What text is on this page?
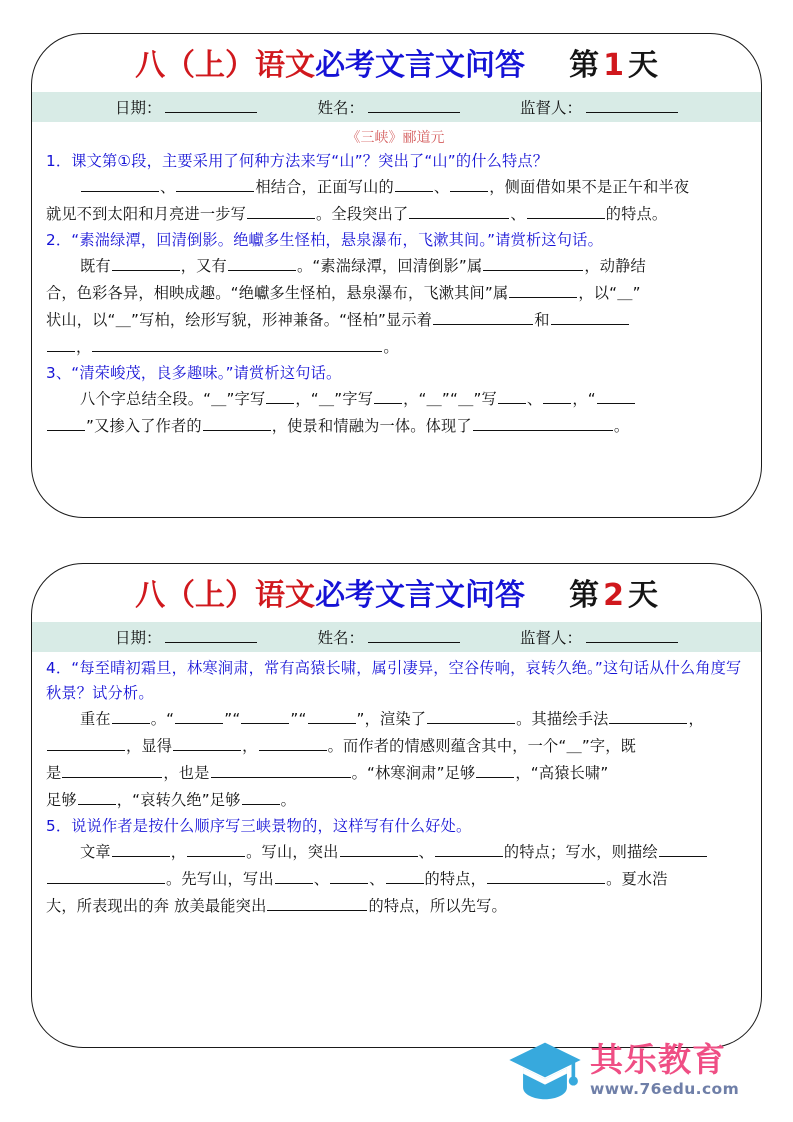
八（上）语文必考文言文问答 第 1 天
日期：	姓名：	监督人：
《三峡》郦道元
1．课文第①段，主要采用了何种方法来写“山”？突出了“山”的什么特点？
、	相结合，正面写山的	、	，侧面借如果不是正午和半夜
就见不到太阳和月亮进一步写	。全段突出了	、	的特点。
2．“素湍绿潭，回清倒影。绝巘多生怪柏，悬泉瀑布，飞漱其间。”请赏析这句话。
既有	，又有	。“素湍绿潭，回清倒影”属	，动静结
合，色彩各异，相映成趣。“绝巘多生怪柏，悬泉瀑布，飞漱其间”属	，以“＿”
状山，以“＿”写柏，绘形写貌，形神兼备。“怪柏”显示着	和
，	。
3、“清荣峻茂，良多趣味。”请赏析这句话。
八个字总结全段。“＿”字写 ，“＿”字写 ，“＿”“＿”写 、 ，“
”又掺入了作者的	，使景和情融为一体。体现了	。
八（上）语文必考文言文问答 第 2 天
日期：	姓名：	监督人：
4．“每至晴初霜旦，林寒涧肃，常有高猿长啸，属引凄异，空谷传响，哀转久绝。”这句话从什么角度写秋景？试分析。
重在	。“	”“	”“	”，渲染了	。其描绘手法	，
，显得	，	。而作者的情感则蕴含其中，一个“＿”字，既
是	，也是	。“林寒涧肃”足够	，“高猿长啸”
足够	，“哀转久绝”足够	。
5．说说作者是按什么顺序写三峡景物的，这样写有什么好处。
文章	，	。写山，突出	、	的特点；写水，则描绘
。先写山，写出	、	、	的特点，	。夏水浩
大，所表现出的奔 放美最能突出	的特点，所以先写。
其乐教育
www.76edu.com
